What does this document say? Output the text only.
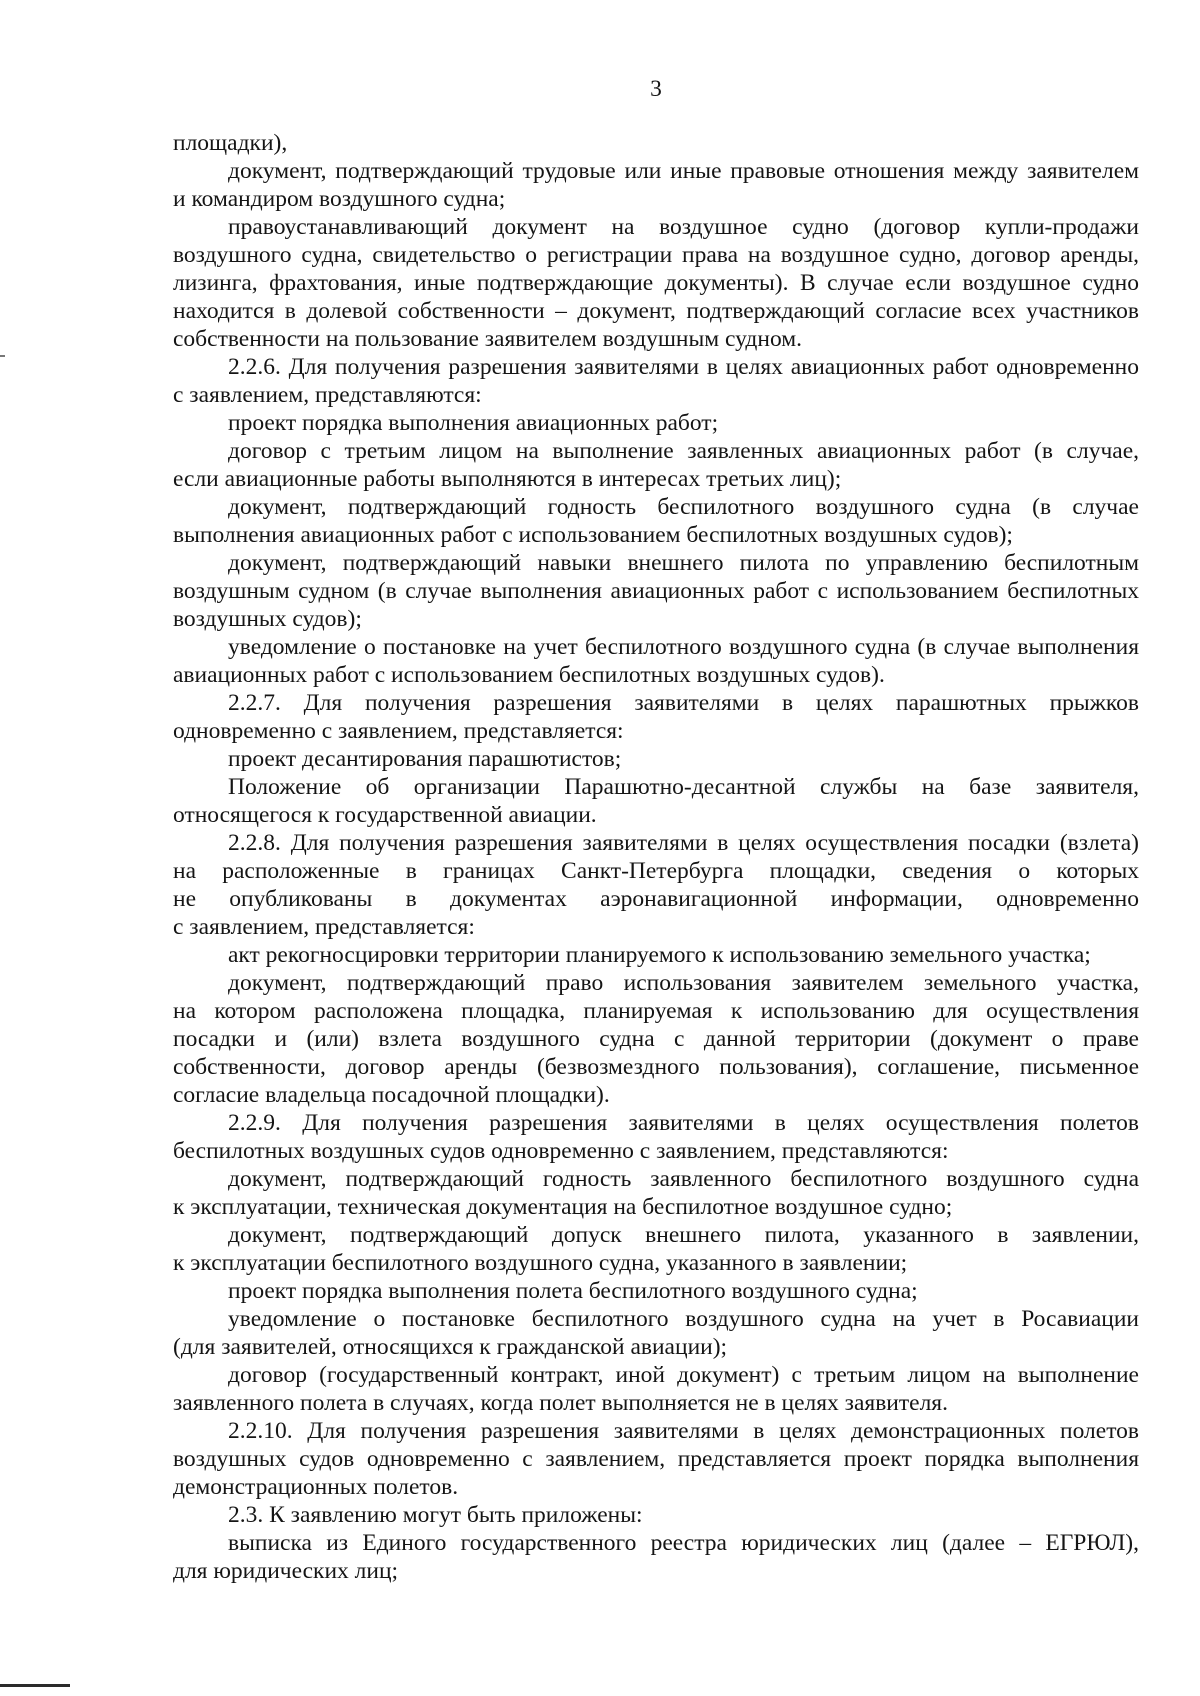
3
площадки),
документ, подтверждающий трудовые или иные правовые отношения между заявителем
и командиром воздушного судна;
правоустанавливающий документ на воздушное судно (договор купли-продажи
воздушного судна, свидетельство о регистрации права на воздушное судно, договор аренды,
лизинга, фрахтования, иные подтверждающие документы). В случае если воздушное судно
находится в долевой собственности – документ, подтверждающий согласие всех участников
собственности на пользование заявителем воздушным судном.
2.2.6. Для получения разрешения заявителями в целях авиационных работ одновременно
с заявлением, представляются:
проект порядка выполнения авиационных работ;
договор с третьим лицом на выполнение заявленных авиационных работ (в случае,
если авиационные работы выполняются в интересах третьих лиц);
документ, подтверждающий годность беспилотного воздушного судна (в случае
выполнения авиационных работ с использованием беспилотных воздушных судов);
документ, подтверждающий навыки внешнего пилота по управлению беспилотным
воздушным судном (в случае выполнения авиационных работ с использованием беспилотных
воздушных судов);
уведомление о постановке на учет беспилотного воздушного судна (в случае выполнения
авиационных работ с использованием беспилотных воздушных судов).
2.2.7. Для получения разрешения заявителями в целях парашютных прыжков
одновременно с заявлением, представляется:
проект десантирования парашютистов;
Положение об организации Парашютно-десантной службы на базе заявителя,
относящегося к государственной авиации.
2.2.8. Для получения разрешения заявителями в целях осуществления посадки (взлета)
на расположенные в границах Санкт-Петербурга площадки, сведения о которых
не опубликованы в документах аэронавигационной информации, одновременно
с заявлением, представляется:
акт рекогносцировки территории планируемого к использованию земельного участка;
документ, подтверждающий право использования заявителем земельного участка,
на котором расположена площадка, планируемая к использованию для осуществления
посадки и (или) взлета воздушного судна с данной территории (документ о праве
собственности, договор аренды (безвозмездного пользования), соглашение, письменное
согласие владельца посадочной площадки).
2.2.9. Для получения разрешения заявителями в целях осуществления полетов
беспилотных воздушных судов одновременно с заявлением, представляются:
документ, подтверждающий годность заявленного беспилотного воздушного судна
к эксплуатации, техническая документация на беспилотное воздушное судно;
документ, подтверждающий допуск внешнего пилота, указанного в заявлении,
к эксплуатации беспилотного воздушного судна, указанного в заявлении;
проект порядка выполнения полета беспилотного воздушного судна;
уведомление о постановке беспилотного воздушного судна на учет в Росавиации
(для заявителей, относящихся к гражданской авиации);
договор (государственный контракт, иной документ) с третьим лицом на выполнение
заявленного полета в случаях, когда полет выполняется не в целях заявителя.
2.2.10. Для получения разрешения заявителями в целях демонстрационных полетов
воздушных судов одновременно с заявлением, представляется проект порядка выполнения
демонстрационных полетов.
2.3. К заявлению могут быть приложены:
выписка из Единого государственного реестра юридических лиц (далее – ЕГРЮЛ),
для юридических лиц;
